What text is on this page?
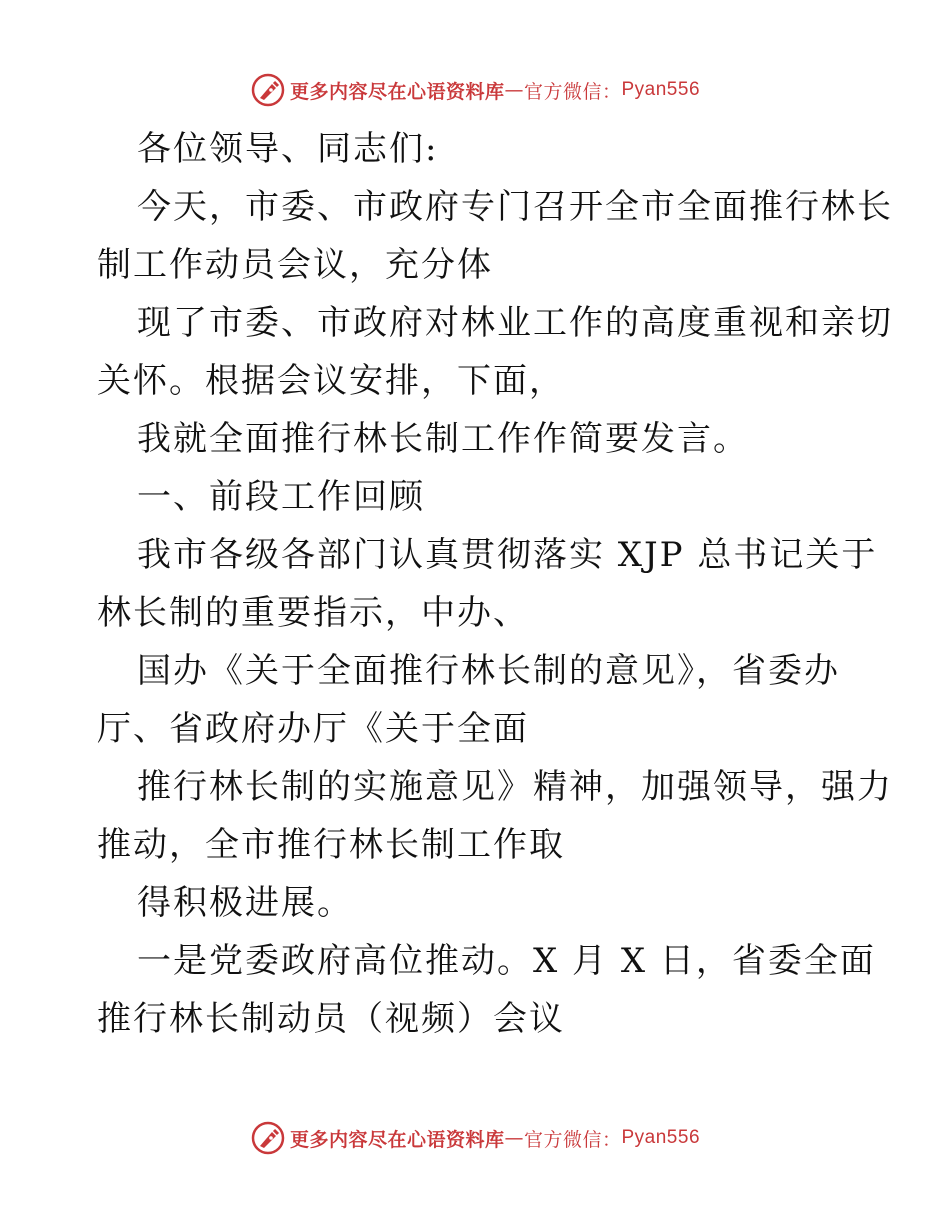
更多内容尽在心语资料库 — 官方微信： Pyan556
各位领导、同志们:
今天，市委、市政府专门召开全市全面推行林长
制工作动员会议，充分体
现了市委、市政府对林业工作的高度重视和亲切
关怀。根据会议安排，下面，
我就全面推行林长制工作作简要发言。
一、前段工作回顾
我市各级各部门认真贯彻落实 XJP 总书记关于
林长制的重要指示，中办、
国办《关于全面推行林长制的意见》，省委办
厅、省政府办厅《关于全面
推行林长制的实施意见》精神，加强领导，强力
推动，全市推行林长制工作取
得积极进展。
一是党委政府高位推动。X 月 X 日，省委全面
推行林长制动员（视频）会议
更多内容尽在心语资料库 — 官方微信： Pyan556
